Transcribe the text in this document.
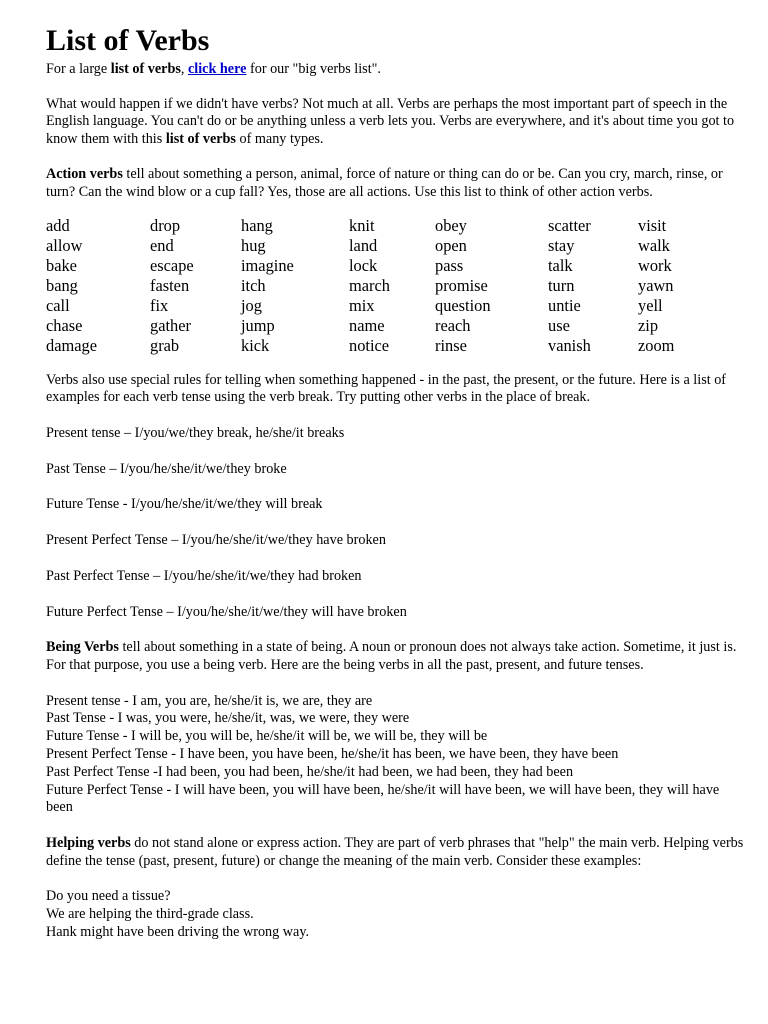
List of Verbs

For a large list of verbs, click here for our "big verbs list".

What would happen if we didn't have verbs? Not much at all. Verbs are perhaps the most important part of speech in the English language. You can't do or be anything unless a verb lets you. Verbs are everywhere, and it's about time you got to know them with this list of verbs of many types.

Action verbs tell about something a person, animal, force of nature or thing can do or be. Can you cry, march, rinse, or turn? Can the wind blow or a cup fall? Yes, those are all actions. Use this list to think of other action verbs.

add	drop	hang	knit	obey	scatter	visit
allow	end	hug	land	open	stay	walk
bake	escape	imagine	lock	pass	talk	work
bang	fasten	itch	march	promise	turn	yawn
call	fix	jog	mix	question	untie	yell
chase	gather	jump	name	reach	use	zip
damage	grab	kick	notice	rinse	vanish	zoom

Verbs also use special rules for telling when something happened - in the past, the present, or the future. Here is a list of examples for each verb tense using the verb break. Try putting other verbs in the place of break.

Present tense – I/you/we/they break, he/she/it breaks

Past Tense – I/you/he/she/it/we/they broke

Future Tense - I/you/he/she/it/we/they will break

Present Perfect Tense – I/you/he/she/it/we/they have broken

Past Perfect Tense – I/you/he/she/it/we/they had broken

Future Perfect Tense – I/you/he/she/it/we/they will have broken

Being Verbs tell about something in a state of being. A noun or pronoun does not always take action. Sometime, it just is. For that purpose, you use a being verb. Here are the being verbs in all the past, present, and future tenses.

Present tense - I am, you are, he/she/it is, we are, they are
Past Tense - I was, you were, he/she/it, was, we were, they were
Future Tense - I will be, you will be, he/she/it will be, we will be, they will be
Present Perfect Tense - I have been, you have been, he/she/it has been, we have been, they have been
Past Perfect Tense -I had been, you had been, he/she/it had been, we had been, they had been
Future Perfect Tense - I will have been, you will have been, he/she/it will have been, we will have been, they will have been

Helping verbs do not stand alone or express action. They are part of verb phrases that "help" the main verb. Helping verbs define the tense (past, present, future) or change the meaning of the main verb. Consider these examples:

Do you need a tissue?
We are helping the third-grade class.
Hank might have been driving the wrong way.
